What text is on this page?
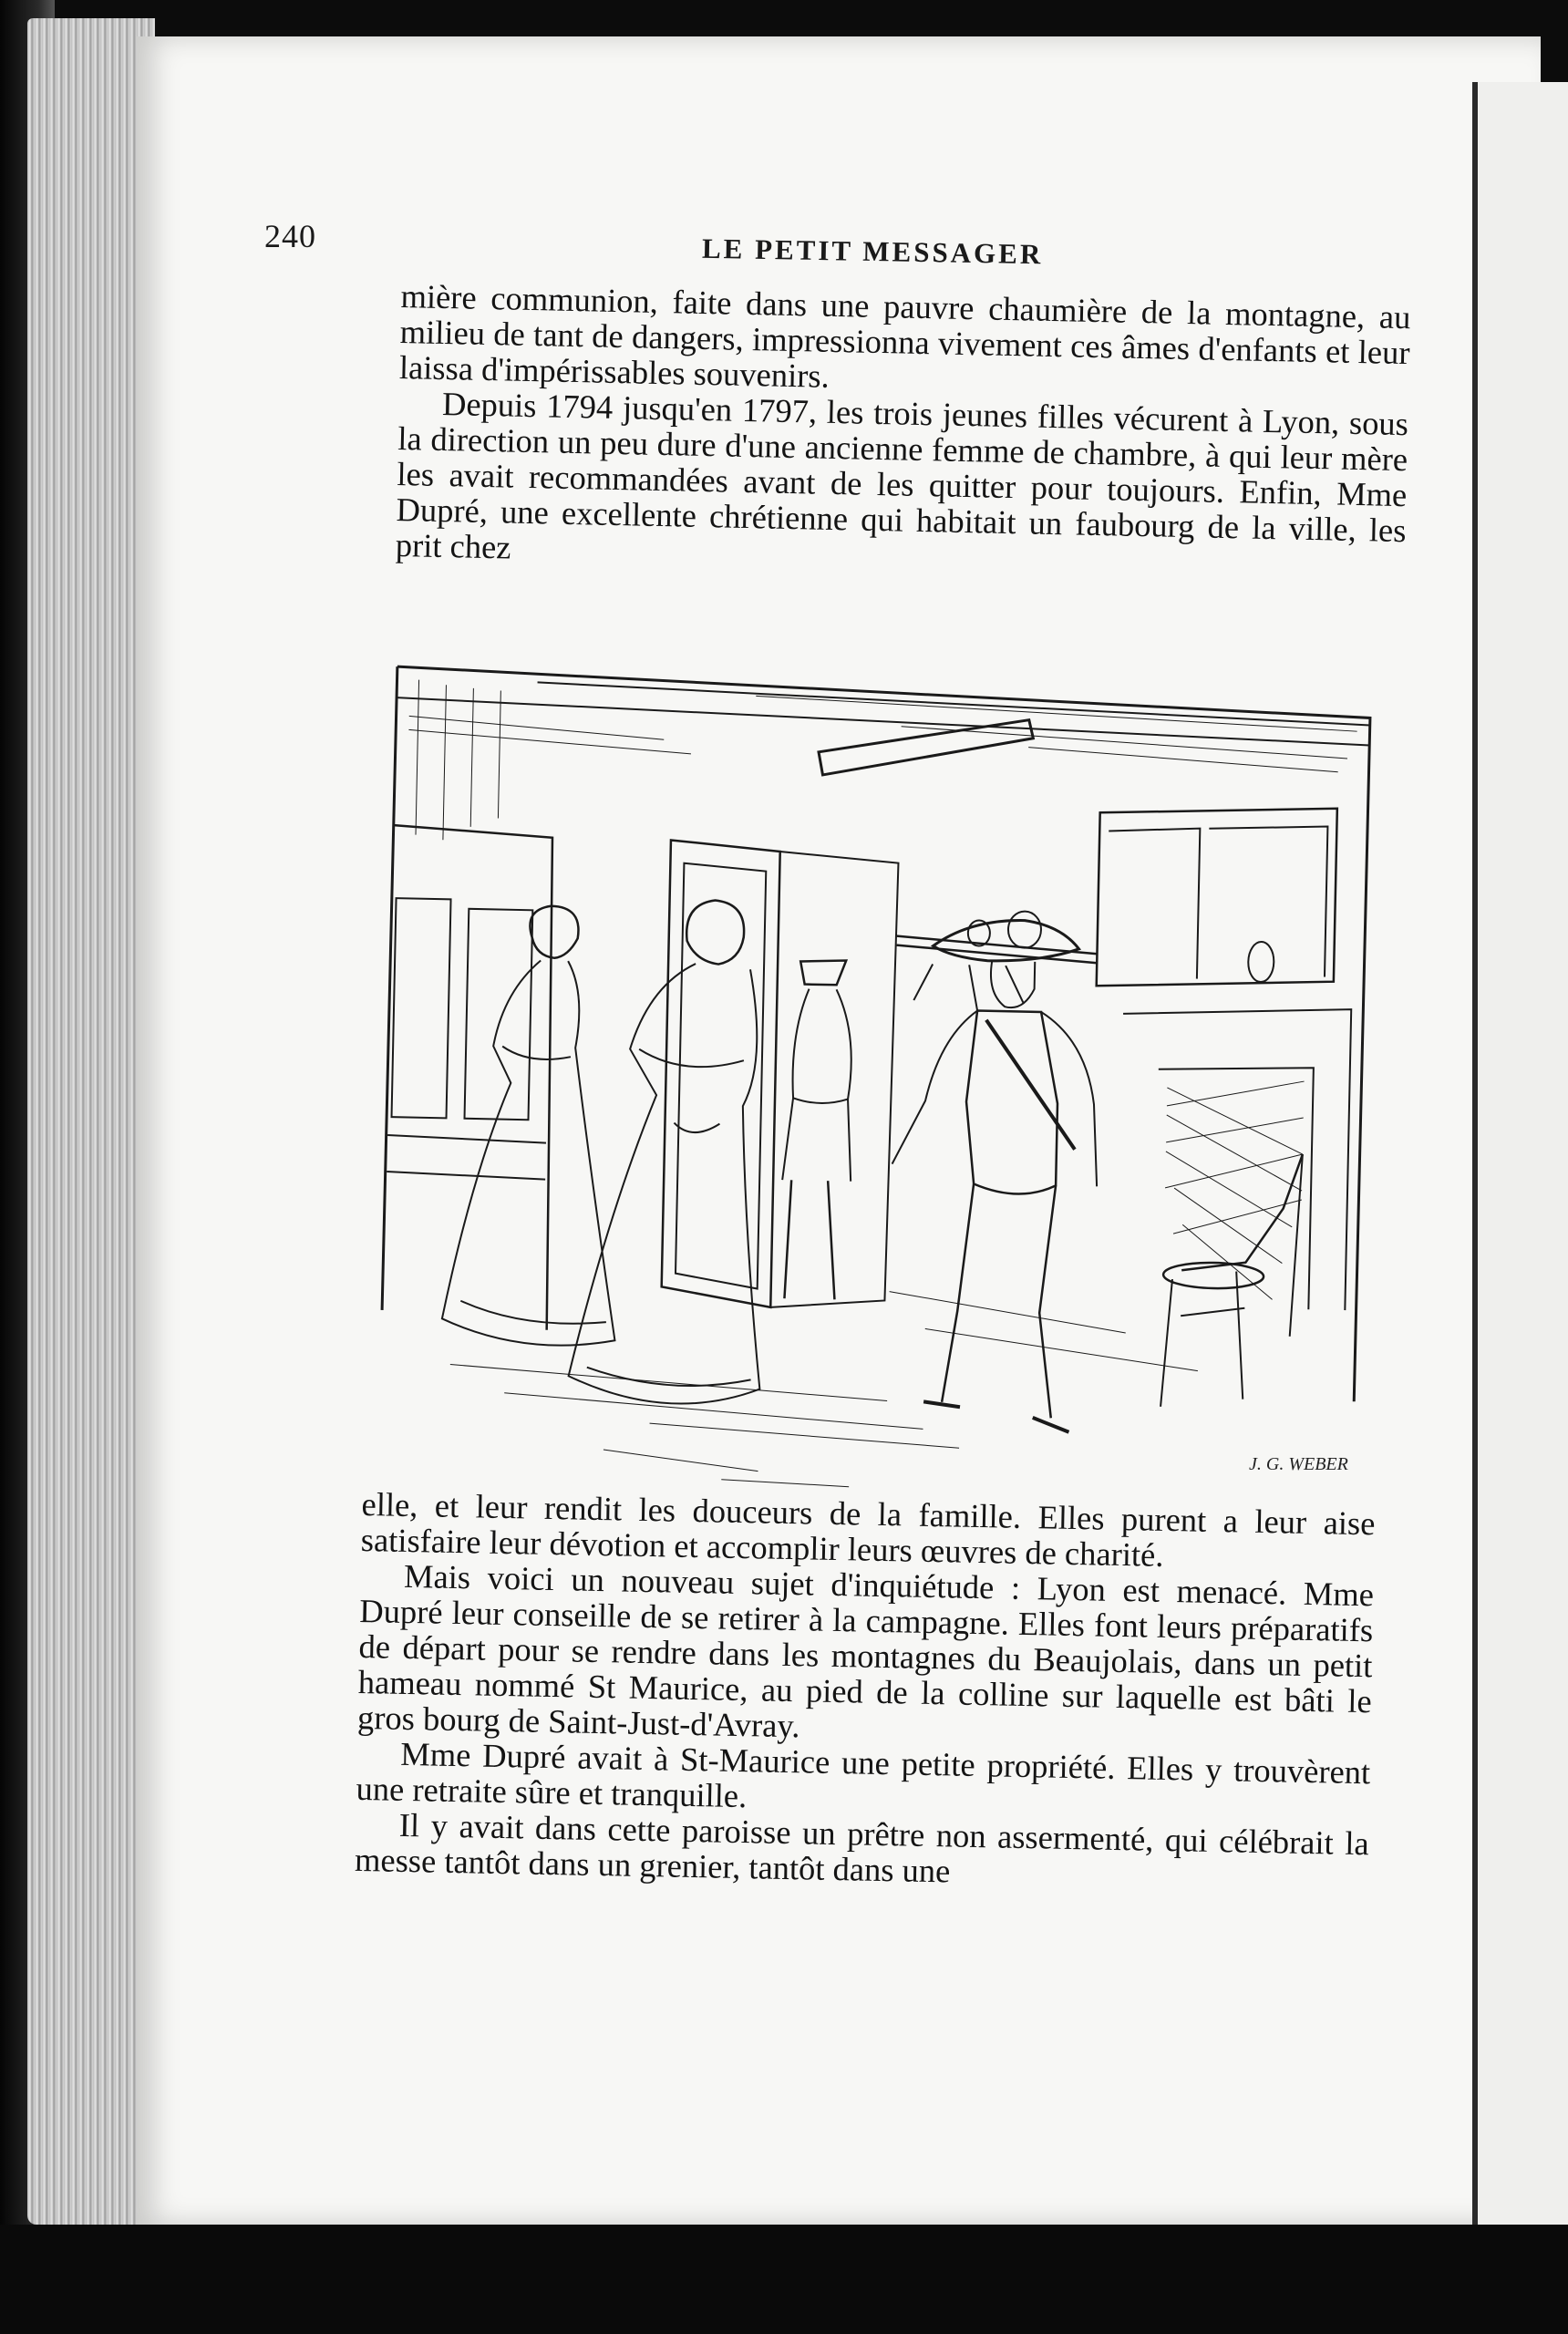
240	LE PETIT MESSAGER

mière communion, faite dans une pauvre chaumière de la montagne, au milieu de tant de dangers, impressionna vivement ces âmes d'enfants et leur laissa d'impérissables souvenirs.

Depuis 1794 jusqu'en 1797, les trois jeunes filles vécurent à Lyon, sous la direction un peu dure d'une ancienne femme de chambre, à qui leur mère les avait recommandées avant de les quitter pour toujours. Enfin, Mme Dupré, une excellente chrétienne qui habitait un faubourg de la ville, les prit chez

J. G. WEBER

elle, et leur rendit les douceurs de la famille. Elles purent a leur aise satisfaire leur dévotion et accomplir leurs œuvres de charité.

Mais voici un nouveau sujet d'inquiétude : Lyon est menacé. Mme Dupré leur conseille de se retirer à la campagne. Elles font leurs préparatifs de départ pour se rendre dans les montagnes du Beaujolais, dans un petit hameau nommé St Maurice, au pied de la colline sur laquelle est bâti le gros bourg de Saint-Just-d'Avray.

Mme Dupré avait à St-Maurice une petite propriété. Elles y trouvèrent une retraite sûre et tranquille.

Il y avait dans cette paroisse un prêtre non assermenté, qui célébrait la messe tantôt dans un grenier, tantôt dans une
